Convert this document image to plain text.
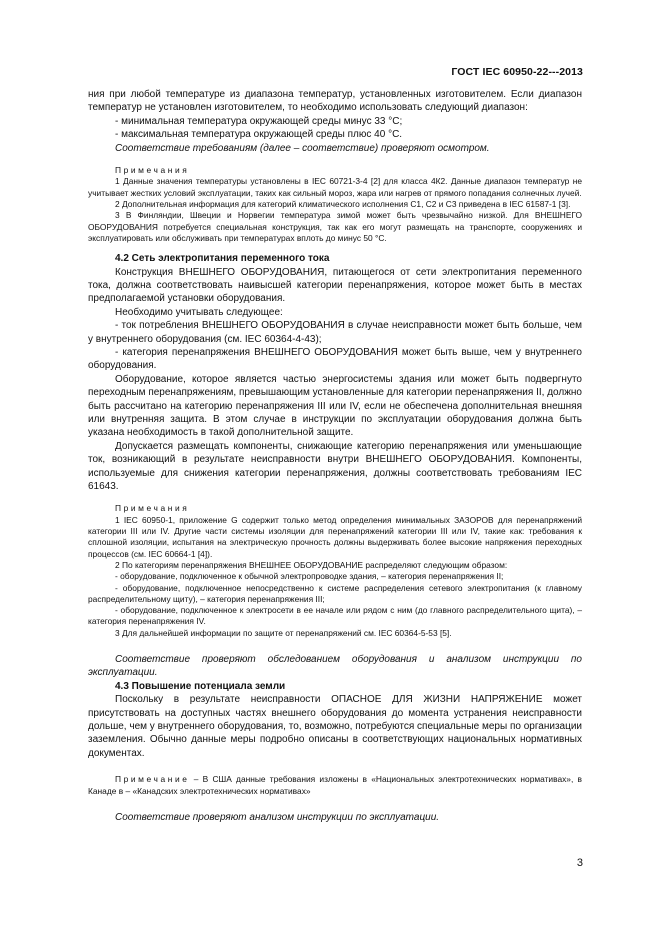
ГОСТ IEC 60950-22---2013

ния при любой температуре из диапазона температур, установленных изготовителем. Если диапазон температур не установлен изготовителем, то необходимо использовать следующий диапазон:

- минимальная температура окружающей среды минус 33 °С;

- максимальная температура окружающей среды плюс 40 °С.

Соответствие требованиям (далее – соответствие) проверяют осмотром.

Примечания

1 Данные значения температуры установлены в IEC 60721-3-4 [2] для класса 4К2. Данные диапазон температур не учитывает жестких условий эксплуатации, таких как сильный мороз, жара или нагрев от прямого попадания солнечных лучей.

2 Дополнительная информация для категорий климатического исполнения С1, С2 и С3 приведена в IEC 61587-1 [3].

3 В Финляндии, Швеции и Норвегии температура зимой может быть чрезвычайно низкой. Для ВНЕШНЕГО ОБОРУДОВАНИЯ потребуется специальная конструкция, так как его могут размещать на транспорте, сооружениях и эксплуатировать или обслуживать при температурах вплоть до минус 50 °С.

4.2 Сеть электропитания переменного тока

Конструкция ВНЕШНЕГО ОБОРУДОВАНИЯ, питающегося от сети электропитания переменного тока, должна соответствовать наивысшей категории перенапряжения, которое может быть в местах предполагаемой установки оборудования.

Необходимо учитывать следующее:

- ток потребления ВНЕШНЕГО ОБОРУДОВАНИЯ в случае неисправности может быть больше, чем у внутреннего оборудования (см. IEC 60364-4-43);

- категория перенапряжения ВНЕШНЕГО ОБОРУДОВАНИЯ может быть выше, чем у внутреннего оборудования.

Оборудование, которое является частью энергосистемы здания или может быть подвергнуто переходным перенапряжениям, превышающим установленные для категории перенапряжения II, должно быть рассчитано на категорию перенапряжения III или IV, если не обеспечена дополнительная внешняя или внутренняя защита. В этом случае в инструкции по эксплуатации оборудования должна быть указана необходимость в такой дополнительной защите.

Допускается размещать компоненты, снижающие категорию перенапряжения или уменьшающие ток, возникающий в результате неисправности внутри ВНЕШНЕГО ОБОРУДОВАНИЯ. Компоненты, используемые для снижения категории перенапряжения, должны соответствовать требованиям IEC 61643.

Примечания

1 IEC 60950-1, приложение G содержит только метод определения минимальных ЗАЗОРОВ для перенапряжений категории III или IV. Другие части системы изоляции для перенапряжений категории III или IV, такие как: требования к сплошной изоляции, испытания на электрическую прочность должны выдерживать более высокие напряжения переходных процессов (см. IEC 60664-1 [4]).

2 По категориям перенапряжения ВНЕШНЕЕ ОБОРУДОВАНИЕ распределяют следующим образом:

- оборудование, подключенное к обычной электропроводке здания, – категория перенапряжения II;

- оборудование, подключенное непосредственно к системе распределения сетевого электропитания (к главному распределительному щиту), – категория перенапряжения III;

- оборудование, подключенное к электросети в ее начале или рядом с ним (до главного распределительного щита), – категория перенапряжения IV.

3 Для дальнейшей информации по защите от перенапряжений см. IEC 60364-5-53 [5].

Соответствие проверяют обследованием оборудования и анализом инструкции по эксплуатации.

4.3 Повышение потенциала земли

Поскольку в результате неисправности ОПАСНОЕ ДЛЯ ЖИЗНИ НАПРЯЖЕНИЕ может присутствовать на доступных частях внешнего оборудования до момента устранения неисправности дольше, чем у внутреннего оборудования, то, возможно, потребуются специальные меры по организации заземления. Обычно данные меры подробно описаны в соответствующих национальных нормативных документах.

Примечание – В США данные требования изложены в «Национальных электротехнических нормативах», в Канаде в – «Канадских электротехнических нормативах»

Соответствие проверяют анализом инструкции по эксплуатации.

3
